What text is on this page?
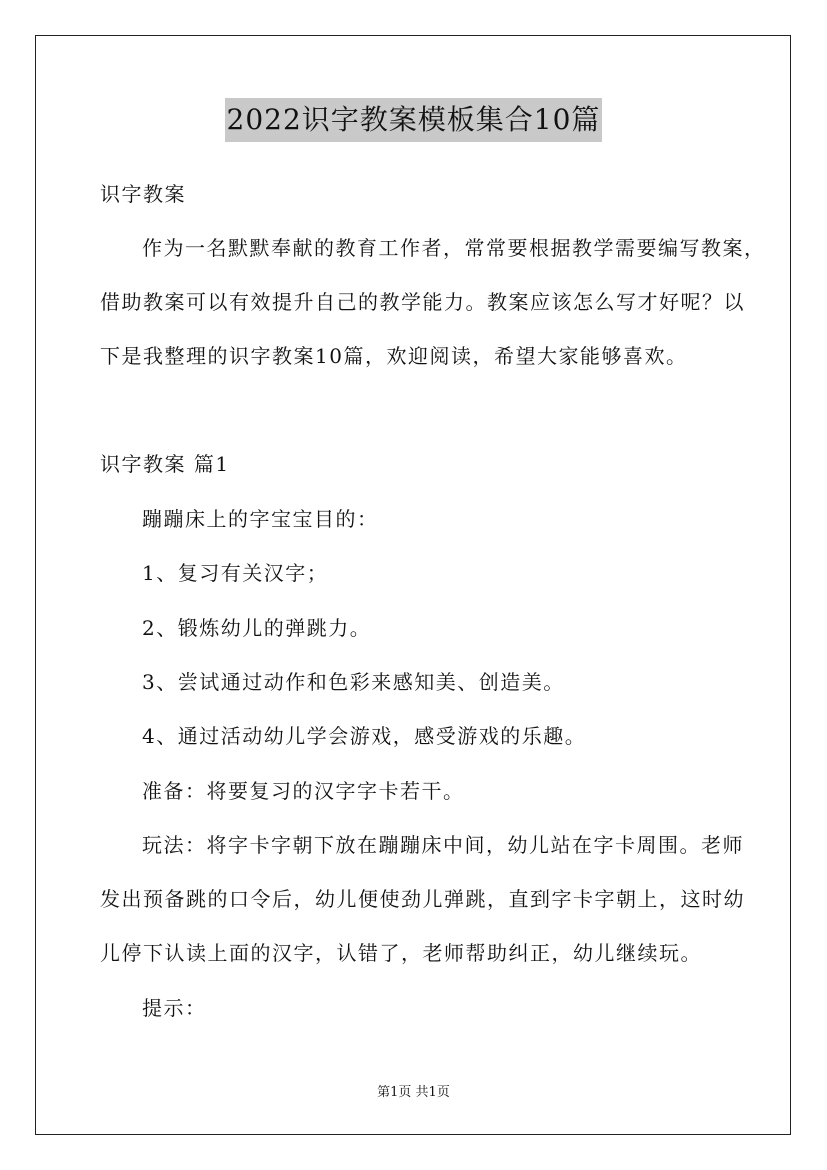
2022识字教案模板集合10篇
识字教案
作为一名默默奉献的教育工作者，常常要根据教学需要编写教案，
借助教案可以有效提升自己的教学能力。教案应该怎么写才好呢？以
下是我整理的识字教案10篇，欢迎阅读，希望大家能够喜欢。
识字教案 篇1
蹦蹦床上的字宝宝目的：
1、复习有关汉字；
2、锻炼幼儿的弹跳力。
3、尝试通过动作和色彩来感知美、创造美。
4、通过活动幼儿学会游戏，感受游戏的乐趣。
准备：将要复习的汉字字卡若干。
玩法：将字卡字朝下放在蹦蹦床中间，幼儿站在字卡周围。老师
发出预备跳的口令后，幼儿便使劲儿弹跳，直到字卡字朝上，这时幼
儿停下认读上面的汉字，认错了，老师帮助纠正，幼儿继续玩。
提示：
第1页 共1页
